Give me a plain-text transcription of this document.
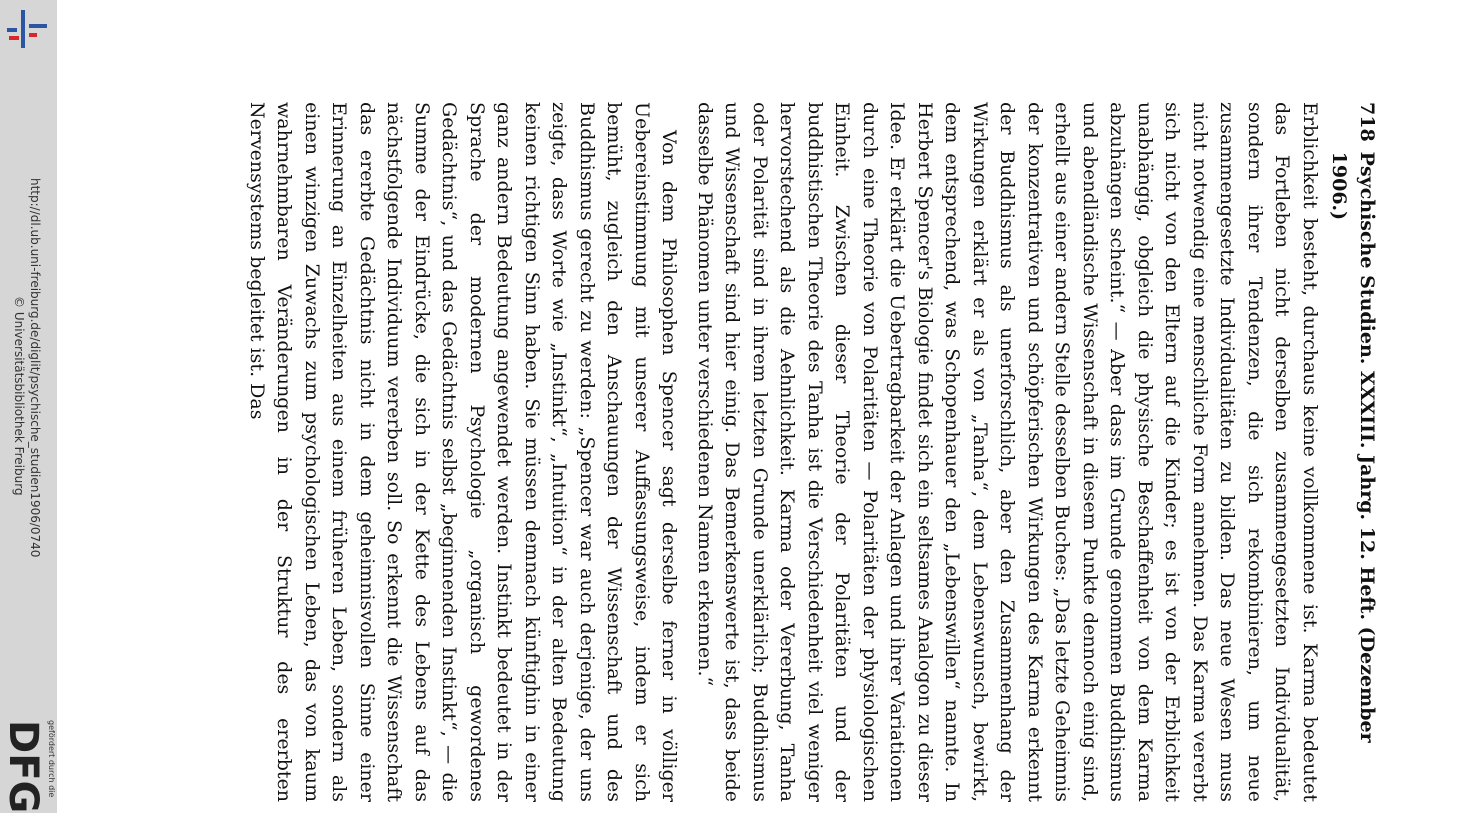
http://dl.ub.uni-freiburg.de/diglit/psychische_studien1906/0740
© Universitätsbibliothek Freiburg
gefördert durch die
DFG
718
Psychische Studien. XXXIII. Jahrg. 12. Heft. (Dezember 1906.)

Erblichkeit besteht, durchaus keine vollkommene ist. Karma bedeutet das Fortleben nicht derselben zusammengesetzten Individualität, sondern ihrer Tendenzen, die sich rekombinieren, um neue zusammengesetzte Individualitäten zu bilden. Das neue Wesen muss nicht notwendig eine menschliche Form annehmen. Das Karma vererbt sich nicht von den Eltern auf die Kinder; es ist von der Erblichkeit unabhängig, obgleich die physische Beschaffenheit von dem Karma abzuhängen scheint.“ — Aber dass im Grunde genommen Buddhismus und abendländische Wissenschaft in diesem Punkte dennoch einig sind, erhellt aus einer andern Stelle desselben Buches: „Das letzte Geheimnis der konzentrativen und schöpferischen Wirkungen des Karma erkennt der Buddhismus als unerforschlich, aber den Zusammenhang der Wirkungen erklärt er als von „Tanha“, dem Lebenswunsch, bewirkt, dem entsprechend, was Schopenhauer den „Lebenswillen“ nannte. In Herbert Spencer's Biologie findet sich ein seltsames Analogon zu dieser Idee. Er erklärt die Uebertragbarkeit der Anlagen und ihrer Variationen durch eine Theorie von Polaritäten — Polaritäten der physiologischen Einheit. Zwischen dieser Theorie der Polaritäten und der buddhistischen Theorie des Tanha ist die Verschiedenheit viel weniger hervorstechend als die Aehnlichkeit. Karma oder Vererbung, Tanha oder Polarität sind in ihrem letzten Grunde unerklärlich; Buddhismus und Wissenschaft sind hier einig. Das Bemerkenswerte ist, dass beide dasselbe Phänomen unter verschiedenen Namen erkennen.“

Von dem Philosophen Spencer sagt derselbe ferner in völliger Uebereinstimmung mit unserer Auffassungsweise, indem er sich bemüht, zugleich den Anschauungen der Wissenschaft und des Buddhismus gerecht zu werden: „Spencer war auch derjenige, der uns zeigte, dass Worte wie „Instinkt“, „Intuition“ in der alten Bedeutung keinen richtigen Sinn haben. Sie müssen demnach künftighin in einer ganz andern Bedeutung angewendet werden. Instinkt bedeutet in der Sprache der modernen Psychologie „organisch gewordenes Gedächtnis“, und das Gedächtnis selbst „beginnenden Instinkt“, — die Summe der Eindrücke, die sich in der Kette des Lebens auf das nächstfolgende Individuum vererben soll. So erkennt die Wissenschaft das ererbte Gedächtnis nicht in dem geheimnisvollen Sinne einer Erinnerung an Einzelheiten aus einem früheren Leben, sondern als einen winzigen Zuwachs zum psychologischen Leben, das von kaum wahrnehmbaren Veränderungen in der Struktur des ererbten Nervensystems begleitet ist. Das
